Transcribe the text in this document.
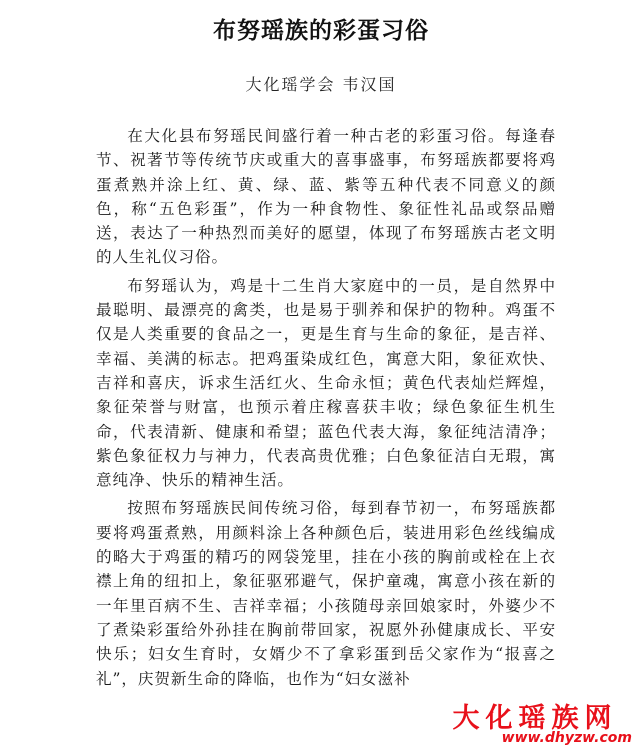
布努瑶族的彩蛋习俗
大化瑶学会 韦汉国

在大化县布努瑶民间盛行着一种古老的彩蛋习俗。每逢春节、祝著节等传统节庆或重大的喜事盛事，布努瑶族都要将鸡蛋煮熟并涂上红、黄、绿、蓝、紫等五种代表不同意义的颜色，称“五色彩蛋”，作为一种食物性、象征性礼品或祭品赠送，表达了一种热烈而美好的愿望，体现了布努瑶族古老文明的人生礼仪习俗。

布努瑶认为，鸡是十二生肖大家庭中的一员，是自然界中最聪明、最漂亮的禽类，也是易于驯养和保护的物种。鸡蛋不仅是人类重要的食品之一，更是生育与生命的象征，是吉祥、幸福、美满的标志。把鸡蛋染成红色，寓意大阳，象征欢快、吉祥和喜庆，诉求生活红火、生命永恒；黄色代表灿烂辉煌，象征荣誉与财富，也预示着庄稼喜获丰收；绿色象征生机生命，代表清新、健康和希望；蓝色代表大海，象征纯洁清净；紫色象征权力与神力，代表高贵优雅；白色象征洁白无瑕，寓意纯净、快乐的精神生活。

按照布努瑶族民间传统习俗，每到春节初一，布努瑶族都要将鸡蛋煮熟，用颜料涂上各种颜色后，装进用彩色丝线编成的略大于鸡蛋的精巧的网袋笼里，挂在小孩的胸前或栓在上衣襟上角的纽扣上，象征驱邪避气，保护童魂，寓意小孩在新的一年里百病不生、吉祥幸福；小孩随母亲回娘家时，外婆少不了煮染彩蛋给外孙挂在胸前带回家，祝愿外孙健康成长、平安快乐；妇女生育时，女婿少不了拿彩蛋到岳父家作为“报喜之礼”，庆贺新生命的降临，也作为“妇女滋补

大化瑶族网
www.dhyzw.com
